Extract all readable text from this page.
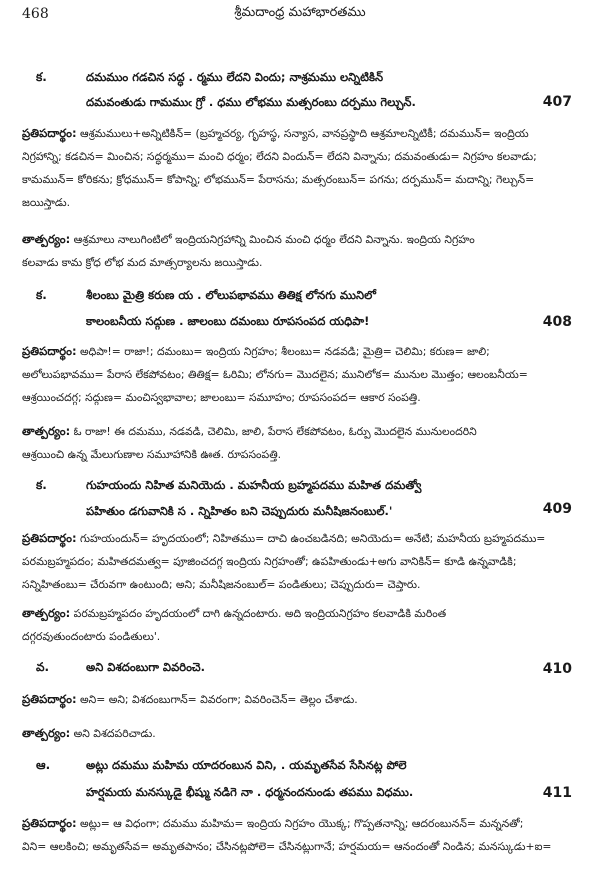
468	శ్రీమదాంధ్ర మహాభారతము
క.	దమముం గడచిన సద్ధ . ర్మము లేదని విందు; నాశ్రమము లన్నిటికిన్
దమవంతుడు గామముఁ గ్రో . ధము లోభము మత్సరంబు దర్పము గెల్చున్.	407
ప్రతిపదార్థం: ఆశ్రమములు+అన్నిటికిన్= (బ్రహ్మచర్య, గృహస్థ, సన్యాస, వానప్రస్థాది ఆశ్రమాలన్నిటికీ; దమమున్= ఇంద్రియ
నిగ్రహాన్ని; కడచిన= మించిన; సద్ధర్మము= మంచి ధర్మం; లేదని విందున్= లేదని విన్నాను; దమవంతుడు= నిగ్రహం కలవాడు;
కామమున్= కోరికను; క్రోధమున్= కోపాన్ని; లోభమున్= పేరాసను; మత్సరంబున్= పగను; దర్పమున్= మదాన్ని; గెల్చున్=
జయిస్తాడు.
తాత్పర్యం: ఆశ్రమాలు నాలుగింటిలో ఇంద్రియనిగ్రహాన్ని మించిన మంచి ధర్మం లేదని విన్నాను. ఇంద్రియ నిగ్రహం
కలవాడు కామ క్రోధ లోభ మద మాత్సర్యాలను జయిస్తాడు.
క.	శీలంబు మైత్రి కరుణ య . లోలుపభావము తితిక్ష లోనగు మునిలో
కాలంబనీయ సద్గుణ . జాలంబు దమంబు రూపసంపద యధిపా!	408
ప్రతిపదార్థం: అధిపా!= రాజా!; దమంబు= ఇంద్రియ నిగ్రహం; శీలంబు= నడవడి; మైత్రి= చెలిమి; కరుణ= జాలి;
అలోలుపభావము= పేరాస లేకపోవటం; తితిక్ష= ఓరిమి; లోనగు= మొదలైన; మునిలోక= మునుల మొత్తం; ఆలంబనీయ=
ఆశ్రయించదగ్గ; సద్గుణ= మంచిస్వభావాల; జాలంబు= సమూహం; రూపసంపద= ఆకార సంపత్తి.
తాత్పర్యం: ఓ రాజా! ఈ దమము, నడవడి, చెలిమి, జాలి, పేరాస లేకపోవటం, ఓర్పు మొదలైన మునులందరిని
ఆశ్రయించి ఉన్న మేలుగుణాల సమూహానికి ఊత. రూపసంపత్తి.
క.	గుహయందు నిహిత మనియెదు . మహనీయ బ్రహ్మపదము మహిత దమత్వో
పహితుం డగువానికి స . న్నిహితం బని చెప్పుదురు మనీషిజనంబుల్.'	409
ప్రతిపదార్థం: గుహయందున్= హృదయంలో; నిహితము= దాచి ఉంచబడినది; అనియెదు= అనేటి; మహనీయ బ్రహ్మపదము=
పరమబ్రహ్మపదం; మహితదమత్వ= పూజించదగ్గ ఇంద్రియ నిగ్రహంతో; ఉపహితుండు+అగు వానికిన్= కూడి ఉన్నవాడికి;
సన్నిహితంబు= చేరువగా ఉంటుంది; అని; మనీషిజనంబుల్= పండితులు; చెప్పుదురు= చెప్తారు.
తాత్పర్యం: పరమబ్రహ్మపదం హృదయంలో దాగి ఉన్నదంటారు. అది ఇంద్రియనిగ్రహం కలవాడికి మరింత
దగ్గరవుతుందంటారు పండితులు'.
వ.	అని విశదంబుగా వివరించె.	410
ప్రతిపదార్థం: అని= అని; విశదంబుగాన్= వివరంగా; వివరించెన్= తెల్లం చేశాడు.
తాత్పర్యం: అని విశదపరిచాడు.
ఆ.	అట్లు దమము మహిమ యాదరంబున విని, . యమృతసేవ సేసినట్ల పోలె
హర్షమయ మనస్కుడై భీష్ము నడిగె నా . ధర్మనందనుండు తపము విధము.	411
ప్రతిపదార్థం: అట్లు= ఆ విధంగా; దమము మహిమ= ఇంద్రియ నిగ్రహం యొక్క; గొప్పతనాన్ని; ఆదరంబునన్= మన్ననతో;
విని= ఆలకించి; అమృతసేవ= అమృతపానం; చేసినట్లపోలె= చేసినట్లుగానే; హర్షమయ= ఆనందంతో నిండిన; మనస్కుడు+ఐ=
